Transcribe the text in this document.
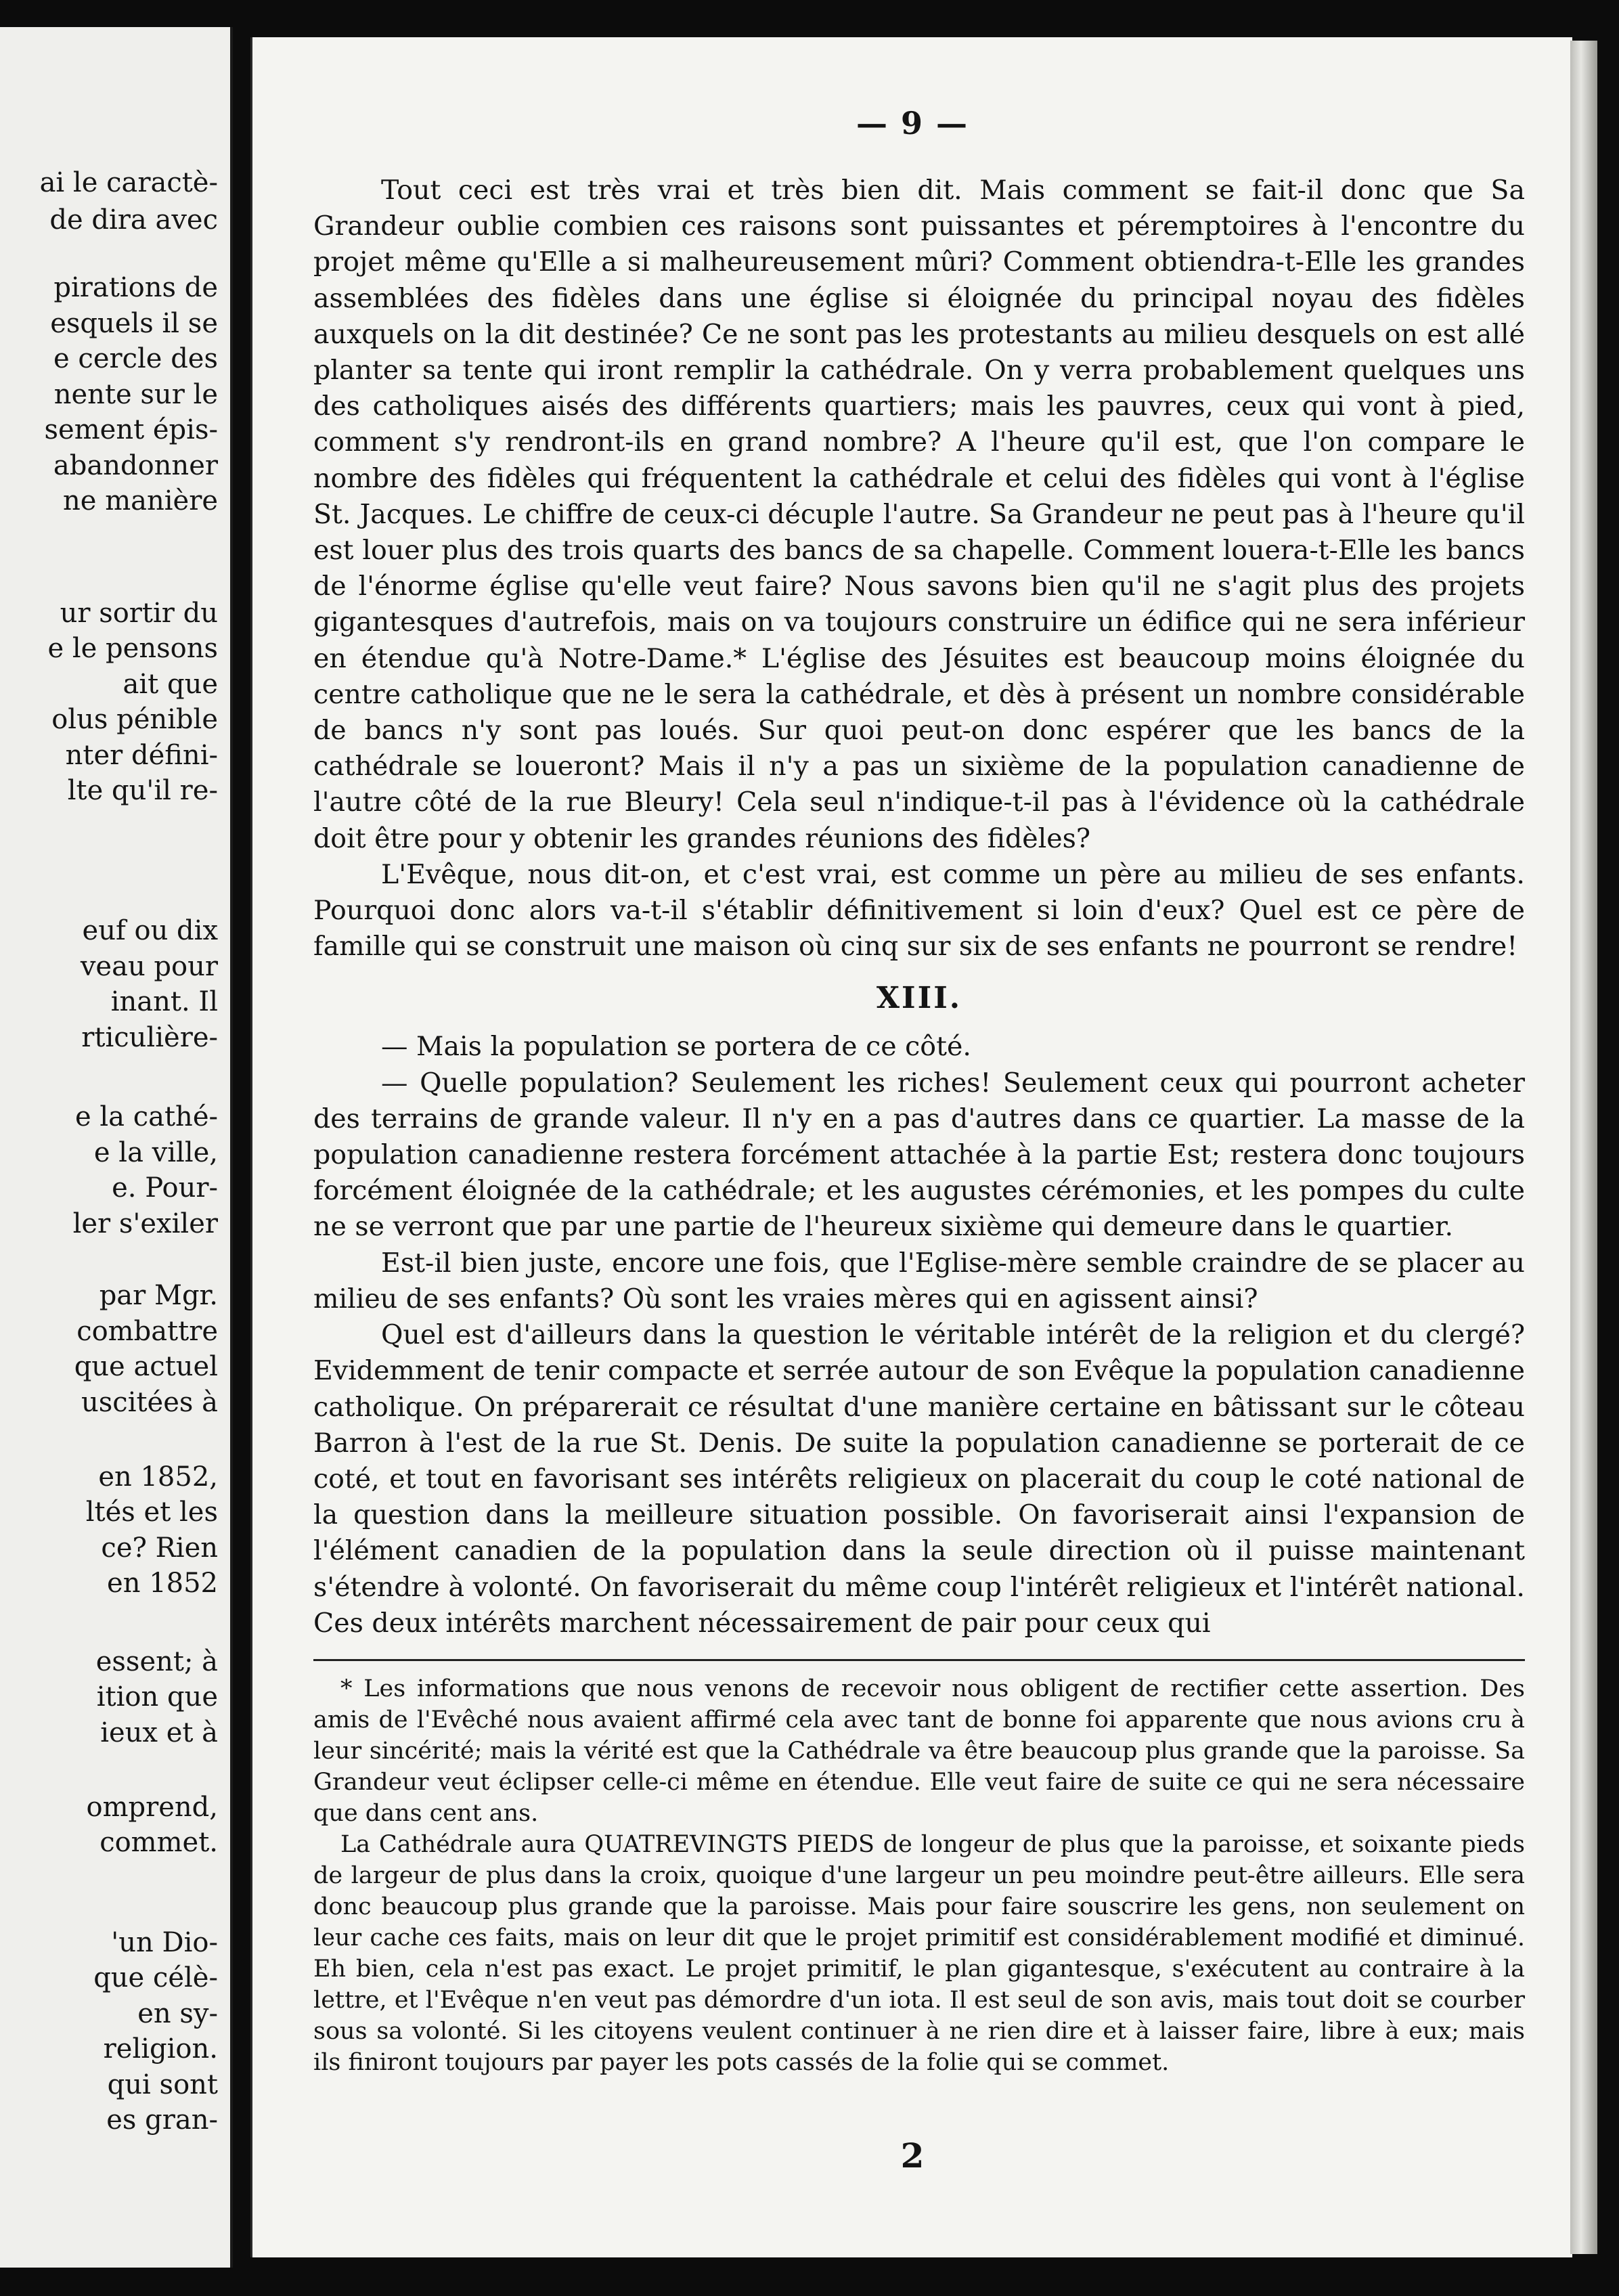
ai le caractè-
de dira avec
pirations de
esquels il se
e cercle des
nente sur le
sement épis-
abandonner
ne manière
ur sortir du
e le pensons
ait que
olus pénible
nter défini-
lte qu'il re-
euf ou dix
veau pour
inant. Il
rticulière-
e la cathé-
e la ville,
e. Pour-
ler s'exiler
par Mgr.
combattre
que actuel
uscitées à
en 1852,
ltés et les
ce? Rien
en 1852
essent; à
ition que
ieux et à
omprend,
commet.
'un Dio-
que célè-
en sy-
religion.
qui sont
es gran-
— 9 —

Tout ceci est très vrai et très bien dit. Mais comment se fait-il donc que Sa Grandeur oublie combien ces raisons sont puissantes et péremptoires à l'encontre du projet même qu'Elle a si malheureusement mûri? Comment obtiendra-t-Elle les grandes assemblées des fidèles dans une église si éloignée du principal noyau des fidèles auxquels on la dit destinée? Ce ne sont pas les protestants au milieu desquels on est allé planter sa tente qui iront remplir la cathédrale. On y verra probablement quelques uns des catholiques aisés des différents quartiers; mais les pauvres, ceux qui vont à pied, comment s'y rendront-ils en grand nombre? A l'heure qu'il est, que l'on compare le nombre des fidèles qui fréquentent la cathédrale et celui des fidèles qui vont à l'église St. Jacques. Le chiffre de ceux-ci décuple l'autre. Sa Grandeur ne peut pas à l'heure qu'il est louer plus des trois quarts des bancs de sa chapelle. Comment louera-t-Elle les bancs de l'énorme église qu'elle veut faire? Nous savons bien qu'il ne s'agit plus des projets gigantesques d'autrefois, mais on va toujours construire un édifice qui ne sera inférieur en étendue qu'à Notre-Dame.* L'église des Jésuites est beaucoup moins éloignée du centre catholique que ne le sera la cathédrale, et dès à présent un nombre considérable de bancs n'y sont pas loués. Sur quoi peut-on donc espérer que les bancs de la cathédrale se loueront? Mais il n'y a pas un sixième de la population canadienne de l'autre côté de la rue Bleury! Cela seul n'indique-t-il pas à l'évidence où la cathédrale doit être pour y obtenir les grandes réunions des fidèles?

L'Evêque, nous dit-on, et c'est vrai, est comme un père au milieu de ses enfants. Pourquoi donc alors va-t-il s'établir définitivement si loin d'eux? Quel est ce père de famille qui se construit une maison où cinq sur six de ses enfants ne pourront se rendre!

XIII.

— Mais la population se portera de ce côté.

— Quelle population? Seulement les riches! Seulement ceux qui pourront acheter des terrains de grande valeur. Il n'y en a pas d'autres dans ce quartier. La masse de la population canadienne restera forcément attachée à la partie Est; restera donc toujours forcément éloignée de la cathédrale; et les augustes cérémonies, et les pompes du culte ne se verront que par une partie de l'heureux sixième qui demeure dans le quartier.

Est-il bien juste, encore une fois, que l'Eglise-mère semble craindre de se placer au milieu de ses enfants? Où sont les vraies mères qui en agissent ainsi?

Quel est d'ailleurs dans la question le véritable intérêt de la religion et du clergé? Evidemment de tenir compacte et serrée autour de son Evêque la population canadienne catholique. On préparerait ce résultat d'une manière certaine en bâtissant sur le côteau Barron à l'est de la rue St. Denis. De suite la population canadienne se porterait de ce coté, et tout en favorisant ses intérêts religieux on placerait du coup le coté national de la question dans la meilleure situation possible. On favoriserait ainsi l'expansion de l'élément canadien de la population dans la seule direction où il puisse maintenant s'étendre à volonté. On favoriserait du même coup l'intérêt religieux et l'intérêt national. Ces deux intérêts marchent nécessairement de pair pour ceux qui

* Les informations que nous venons de recevoir nous obligent de rectifier cette assertion. Des amis de l'Evêché nous avaient affirmé cela avec tant de bonne foi apparente que nous avions cru à leur sincérité; mais la vérité est que la Cathédrale va être beaucoup plus grande que la paroisse. Sa Grandeur veut éclipser celle-ci même en étendue. Elle veut faire de suite ce qui ne sera nécessaire que dans cent ans.

La Cathédrale aura QUATREVINGTS PIEDS de longeur de plus que la paroisse, et soixante pieds de largeur de plus dans la croix, quoique d'une largeur un peu moindre peut-être ailleurs. Elle sera donc beaucoup plus grande que la paroisse. Mais pour faire souscrire les gens, non seulement on leur cache ces faits, mais on leur dit que le projet primitif est considérablement modifié et diminué. Eh bien, cela n'est pas exact. Le projet primitif, le plan gigantesque, s'exécutent au contraire à la lettre, et l'Evêque n'en veut pas démordre d'un iota. Il est seul de son avis, mais tout doit se courber sous sa volonté. Si les citoyens veulent continuer à ne rien dire et à laisser faire, libre à eux; mais ils finiront toujours par payer les pots cassés de la folie qui se commet.

2
